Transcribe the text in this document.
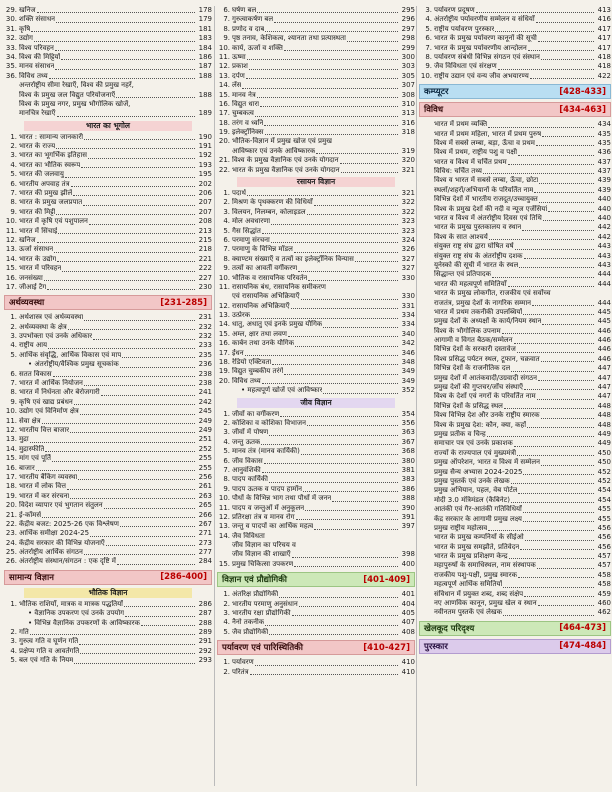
29. खनिज	178
30. शक्ति संसाधन	179
31. कृषि	181
32. उद्योग	183
33. विश्व परिवहन	184
34. विश्व की मिट्टियाँ	186
35. मानव संसाधन	187
36. विविध तथ्य	188
अन्तर्राष्ट्रीय सीमा रेखाएँ, विश्व की प्रमुख नहरें,
विश्व के प्रमुख जल विद्युत परियोजनाएँ	188
विश्व के प्रमुख नगर, प्रमुख भौगोलिक खोजें,
मानचित्र रेखाएँ	189
भारत का भूगोल
1. भारत : सामान्य जानकारी	190
2. भारत के राज्य	191
3. भारत का भूगर्भिक इतिहास	192
4. भारत का भौतिक स्वरूप	193
5. भारत की जलवायु	195
6. भारतीय अपवाह तंत्र	202
7. भारत की प्रमुख झीलें	206
8. भारत के प्रमुख जलप्रपात	207
9. भारत की मिट्टी	207
10. भारत में कृषि एवं पशुपालन	208
11. भारत में सिंचाई	213
12. खनिज	215
13. ऊर्जा संसाधन	218
14. भारत के उद्योग	221
15. भारत में परिवहन	222
16. जनसंख्या	227
17. जीआई टैग	230
अर्थव्यवस्था	[231-285]
1. अर्थशास्त्र एवं अर्थव्यवस्था	231
2. अर्थव्यवस्था के क्षेत्र	232
3. उपभोक्ता एवं उनके अधिकार	232
4. राष्ट्रीय आय	233
5. आर्थिक संवृद्धि, आर्थिक विकास एवं माप	235
• अंतर्राष्ट्रीय/वैश्विक प्रमुख सूचकांक	236
6. सतत विकास	238
7. भारत में आर्थिक नियोजन	238
8. भारत में निर्धनता और बेरोजगारी	241
9. कृषि एवं खाद्य प्रबंधन	242
10. उद्योग एवं विनिर्माण क्षेत्र	245
11. सेवा क्षेत्र	249
12. भारतीय वित्त बाजार	249
13. मुद्रा	251
14. मुद्रास्फीति	252
15. मांग एवं पूर्ति	255
16. बाजार	255
17. भारतीय बैंकिंग व्यवस्था	256
18. भारत में लोक वित्त	261
19. भारत में कर संरचना	263
20. विदेश व्यापार एवं भुगतान संतुलन	265
21. ई-कॉमर्स	266
22. केंद्रीय बजट: 2025-26 एक विश्लेषण	267
23. आर्थिक समीक्षा 2024-25	271
24. केंद्रीय सरकार की विभिन्न योजनाएँ	273
25. अंतर्राष्ट्रीय आर्थिक संगठन	277
26. अंतर्राष्ट्रीय संस्थान/संगठन : एक दृष्टि में	284
सामान्य विज्ञान	[286-400]
भौतिक विज्ञान
1. भौतिक राशियाँ, मात्रक व मात्रक पद्धतियाँ	286
• वैज्ञानिक उपकरण एवं उनके उपयोग	287
• विभिन्न वैज्ञानिक उपकरणों के आविष्कारक	288
2. गति	289
3. गुरुत्व गति व घूर्णन गति	291
4. प्रक्षेप्य गति व आवर्तगति	292
5. बल एवं गति के नियम	293
6. घर्षण बल	295
7. गुरुत्वाकर्षण बल	296
8. प्रणोद व दाब	297
9. पृष्ठ तनाव, केशिकत्व, श्यानता तथा प्रत्यास्थता	298
10. कार्य, ऊर्जा व शक्ति	299
11. ऊष्मा	300
12. प्रकाश	303
13. दर्पण	305
14. लेंस	307
15. मानव नेत्र	308
16. विद्युत धारा	310
17. चुम्बकत्व	313
18. तरंग व ध्वनि	316
19. इलेक्ट्रॉनिक्स	318
20. भौतिक-विज्ञान में प्रमुख खोज एवं प्रमुख
आविष्कार एवं उनके आविष्कारक	319
21. विश्व के प्रमुख वैज्ञानिक एवं उनके योगदान	320
22. भारत के प्रमुख वैज्ञानिक एवं उनके योगदान	321
रसायन विज्ञान
1. पदार्थ	321
2. मिश्रण के पृथक्करण की विधियाँ	322
3. विलयन, निलम्बन, कोलाइडल	322
4. मोल अवधारणा	323
5. गैस सिद्धांत	323
6. परमाणु संरचना	324
7. परमाणु के विभिन्न मॉडल	326
8. क्वाण्टम संख्याएँ व तत्वों का इलेक्ट्रॉनिक विन्यास	327
9. तत्वों का आवर्ती वर्गीकरण	327
10. भौतिक व रासायनिक परिवर्तन	330
11. रासायनिक बंध, रासायनिक समीकरण
एवं रासायनिक अभिक्रियाएँ	330
12. रासायनिक अभिक्रियाएँ	331
13. उत्प्रेरक	334
14. धातु, अधातु एवं इनके प्रमुख यौगिक	334
15. अम्ल, क्षार तथा लवण	340
16. कार्बन तथा उनके यौगिक	342
17. ईंधन	346
18. रेडियो एक्टिवता	348
19. विद्युत चुम्बकीय तरंगें	349
20. विविध तथ्य	349
• महत्वपूर्ण खोजें एवं आविष्कार	352
जीव विज्ञान
1. जीवों का वर्गीकरण	354
2. कोशिका व कोशिका विभाजन	356
3. जीवों में पोषण	363
4. जन्तु ऊतक	367
5. मानव तंत्र (मानव कार्यिकी)	368
6. जीव विकास	380
7. आनुवंशिकी	381
8. पादप कार्यिकी	383
9. पादप ऊतक व पादप हार्मोन	386
10. पौधों के विभिन्न भाग तथा पौधों में जनन	388
11. पादप व जन्तुओं में अनुकूलन	390
12. प्रतिरक्षा तंत्र व मानव रोग	391
13. जन्तु व पादपों का आर्थिक महत्व	397
14. जैव विविधता
जीव विज्ञान का परिचय व
जीव विज्ञान की शाखाएँ	398
15. प्रमुख चिकित्सा उपकरण	400
विज्ञान एवं प्रौद्योगिकी	[401-409]
1. अंतरिक्ष प्रौद्योगिकी	401
2. भारतीय परमाणु अनुसंधान	404
3. भारतीय रक्षा प्रौद्योगिकी	405
4. नैनो तकनीक	407
5. जैव प्रौद्योगिकी	408
पर्यावरण एवं पारिस्थितिकी	[410-427]
1. पर्यावरण	410
2. परितंत्र	410
3. पर्यावरण प्रदूषण	413
4. अंतर्राष्ट्रीय पर्यावरणीय सम्मेलन व संधियाँ	416
5. राष्ट्रीय पर्यावरण पुरस्कार	417
6. भारत के प्रमुख पर्यावरण कानूनों की सूची	417
7. भारत के प्रमुख पर्यावरणीय आन्दोलन	417
8. पर्यावरण संबंधी विभिन्न संगठन एवं संस्थान	418
9. जैव विविधता एवं संरक्षण	418
10. राष्ट्रीय उद्यान एवं वन्य जीव अभयारण्य	422
कम्प्यूटर	[428-433]
विविध	[434-463]
भारत में प्रथम व्यक्ति	434
भारत में प्रथम महिला, भारत में प्रथम पुरुष	435
विश्व में सबसे लम्बा, बड़ा, ऊँचा व प्रथम	435
विश्व में प्रथम, राष्ट्रीय पशु व पक्षी	436
भारत व विश्व में चर्चित प्रथम	437
विविध: चर्चित तथ्य	437
विश्व व भारत में सबसे लम्बा, ऊँचा, छोटा	439
स्थलों/शहरों/अभियानों के परिवर्तित नाम	439
विभिन्न देशों में भारतीय राजदूत/उच्चायुक्त	440
विश्व के प्रमुख देशों की नदी व न्यूज एजेंसियां	440
भारत व विश्व में अंतर्राष्ट्रीय दिवस एवं तिथि	440
भारत के प्रमुख पुस्तकालय व स्थान	442
विश्व के सात आश्चर्य	442
संयुक्त राष्ट्र संघ द्वारा घोषित वर्ष	443
संयुक्त राष्ट्र संघ के अंतर्राष्ट्रीय दशक	443
यूनेस्को की सूची में भारत के स्थल	443
सिद्धान्त एवं प्रतिपादक	444
भारत की महत्वपूर्ण समितियाँ	444
भारत के प्रमुख लोकगीत, राजकीय एवं सर्वोच्च
राजतंत्र, प्रमुख देशों के नागरिक सम्मान	444
भारत में प्रथम तकनीकी उपलब्धियाँ	445
प्रमुख देशों के अध्यक्षों के कार्य/नियम स्थान	445
विश्व के भौगोलिक उपनाम	446
आगामी व विगत बैठक/सम्मेलन	446
विभिन्न देशों के सरकारी दस्तावेज	446
विश्व प्रसिद्ध पर्यटन स्थल, टूफान, चक्रवात	446
विभिन्न देशों के राजनीतिक दल	447
प्रमुख देशों में आतंकवादी/उग्रवादी संगठन	447
प्रमुख देशों की गुप्तचर/जाँच संस्थाएँ	447
विश्व के देशों एवं नगरों के परिवर्तित नाम	447
विभिन्न देशों के प्रसिद्ध स्थल	448
विश्व विभिन्न देश और उनके राष्ट्रीय स्मारक	448
विश्व के प्रमुख देश: कौन, क्या, कहाँ	448
प्रमुख प्रतीक व चिन्ह	449
समाचार पत्र एवं उनके प्रकाशक	449
राज्यों के राज्यपाल एवं मुख्यमंत्री	450
प्रमुख ऑपरेशन, भारत व विश्व में सम्मेलन	450
प्रमुख सैन्य अभ्यास 2024-2025	452
प्रमुख पुस्तकें एवं उनके लेखक	452
प्रमुख अभियान, पहल, वेब पोर्टल	454
मोदी 3.0 मंत्रिमंडल (कैबिनेट)	454
आतंकी एवं गैर-आतंकी गतिविधियाँ	455
केंद्र सरकार के आगामी प्रमुख लक्ष्य	455
प्रमुख राष्ट्रीय महोत्सव	456
भारत के प्रमुख कम्पनियों के सीईओ	456
भारत के प्रमुख समझौते, प्रतिवेदन	456
भारत के प्रमुख प्रशिक्षण केन्द्र	457
महापुरुषों के समाधिस्थल, नाम संस्थापक	457
राजकीय पशु-पक्षी, प्रमुख स्मारक	458
महत्वपूर्ण आर्थिक समितियाँ	458
संविधान में प्रयुक्त शब्द, शब्द संक्षेप	459
नए आणविक कानून, प्रमुख खेल व स्थान	460
नवीनतम पुस्तकें एवं लेखक	462
खेलकूद परिदृश्य	[464-473]
पुरस्कार	[474-484]
